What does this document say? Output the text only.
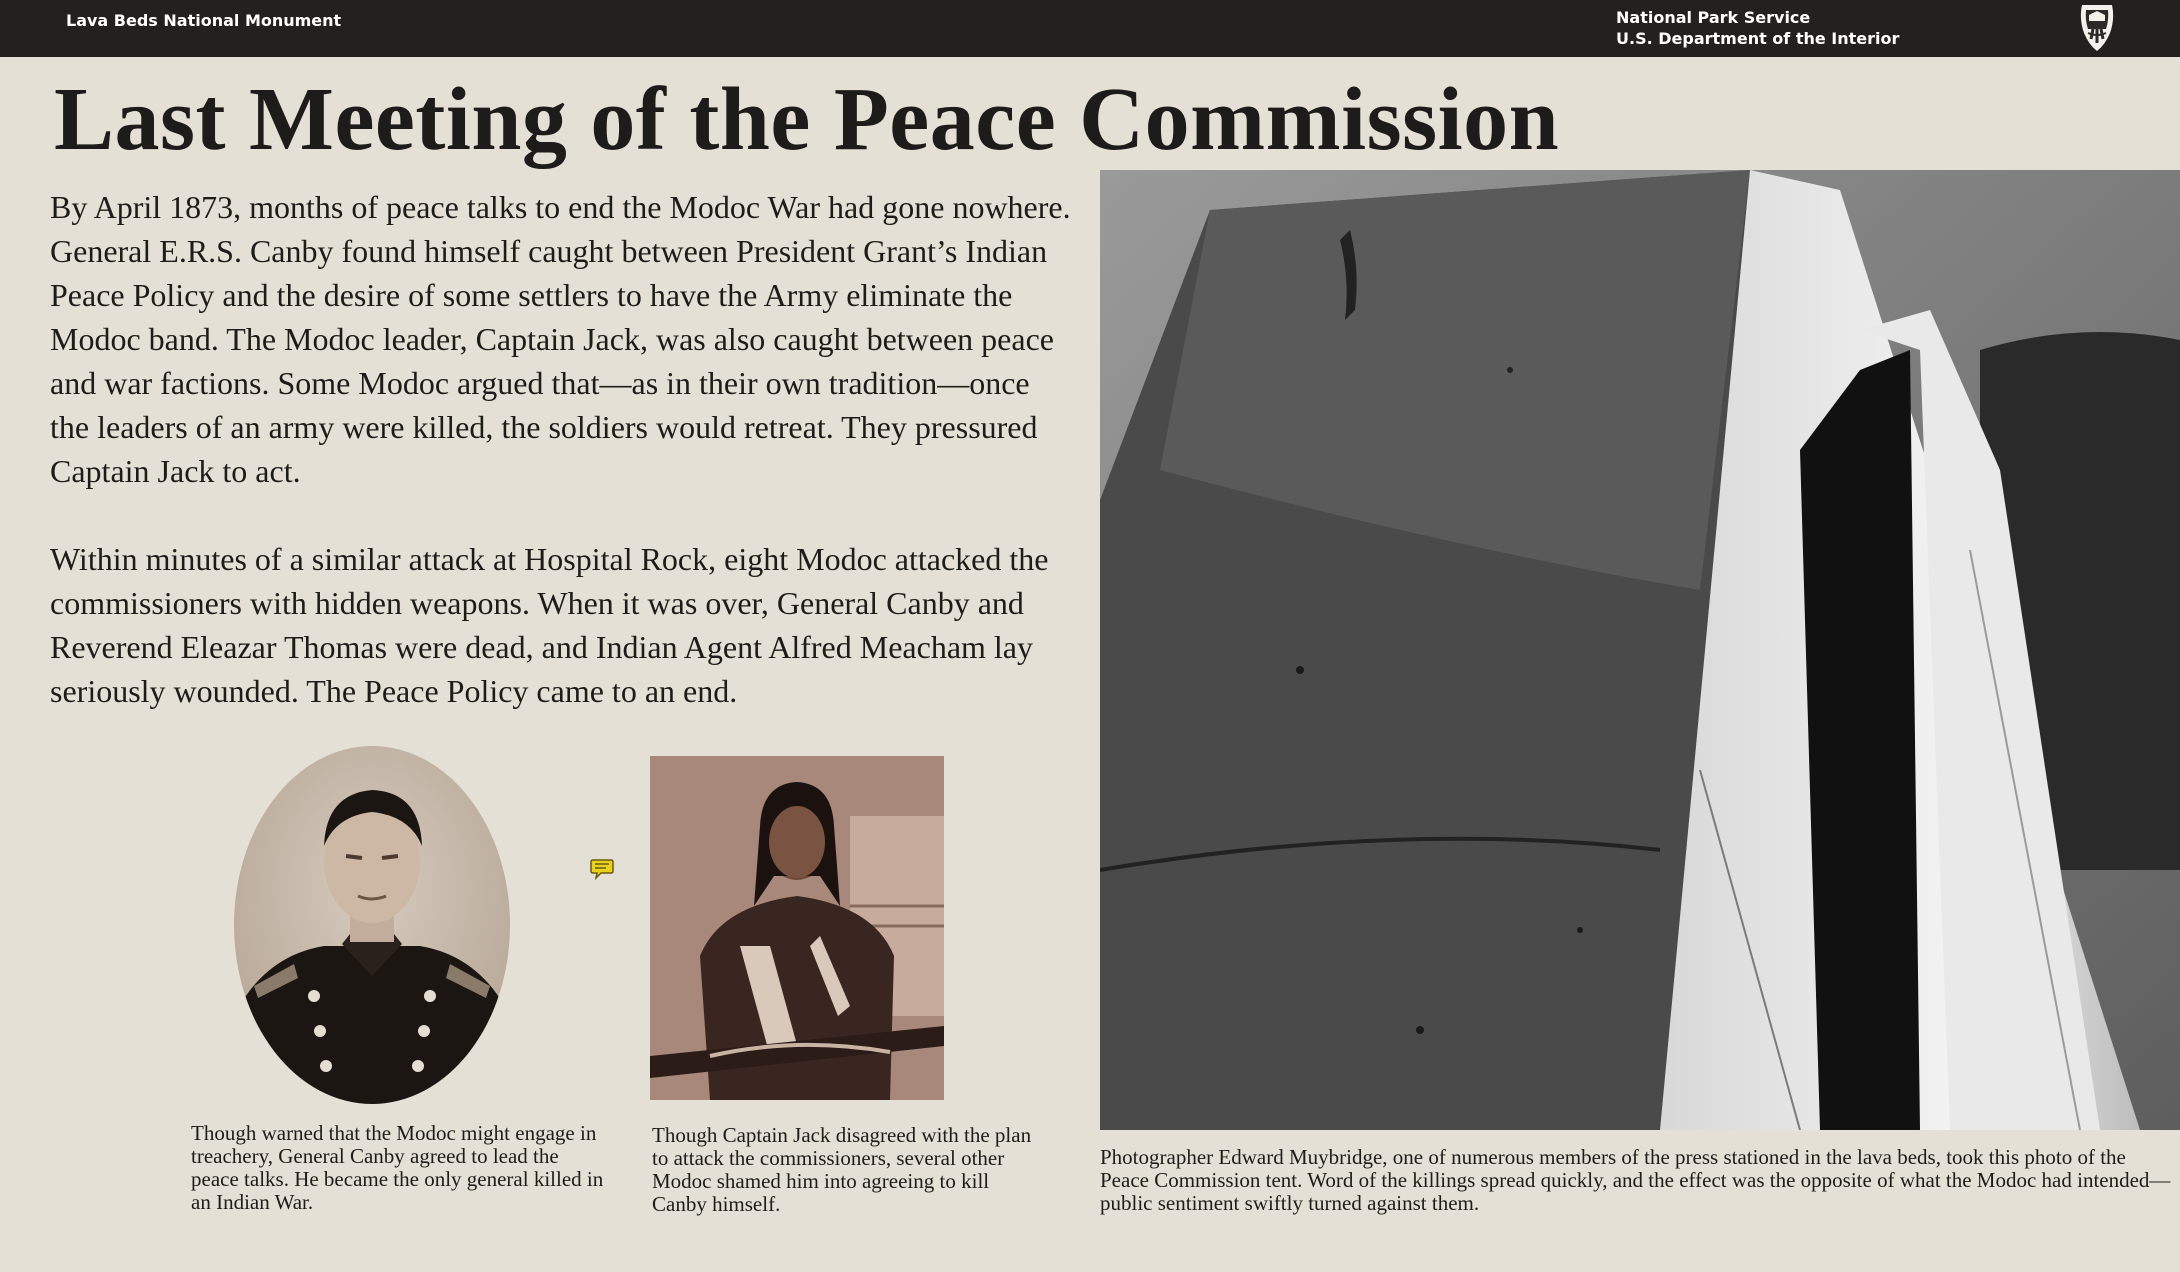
Lava Beds National Monument	National Park Service
U.S. Department of the Interior
Last Meeting of the Peace Commission

By April 1873, months of peace talks to end the Modoc War had gone nowhere. General E.R.S. Canby found himself caught between President Grant’s Indian Peace Policy and the desire of some settlers to have the Army eliminate the Modoc band. The Modoc leader, Captain Jack, was also caught between peace and war factions. Some Modoc argued that—as in their own tradition—once the leaders of an army were killed, the soldiers would retreat. They pressured Captain Jack to act.

Within minutes of a similar attack at Hospital Rock, eight Modoc attacked the commissioners with hidden weapons. When it was over, General Canby and Reverend Eleazar Thomas were dead, and Indian Agent Alfred Meacham lay seriously wounded. The Peace Policy came to an end.

Though warned that the Modoc might engage in treachery, General Canby agreed to lead the peace talks. He became the only general killed in an Indian War.

Though Captain Jack disagreed with the plan to attack the commissioners, several other Modoc shamed him into agreeing to kill Canby himself.

Photographer Edward Muybridge, one of numerous members of the press stationed in the lava beds, took this photo of the Peace Commission tent. Word of the killings spread quickly, and the effect was the opposite of what the Modoc had intended—public sentiment swiftly turned against them.
